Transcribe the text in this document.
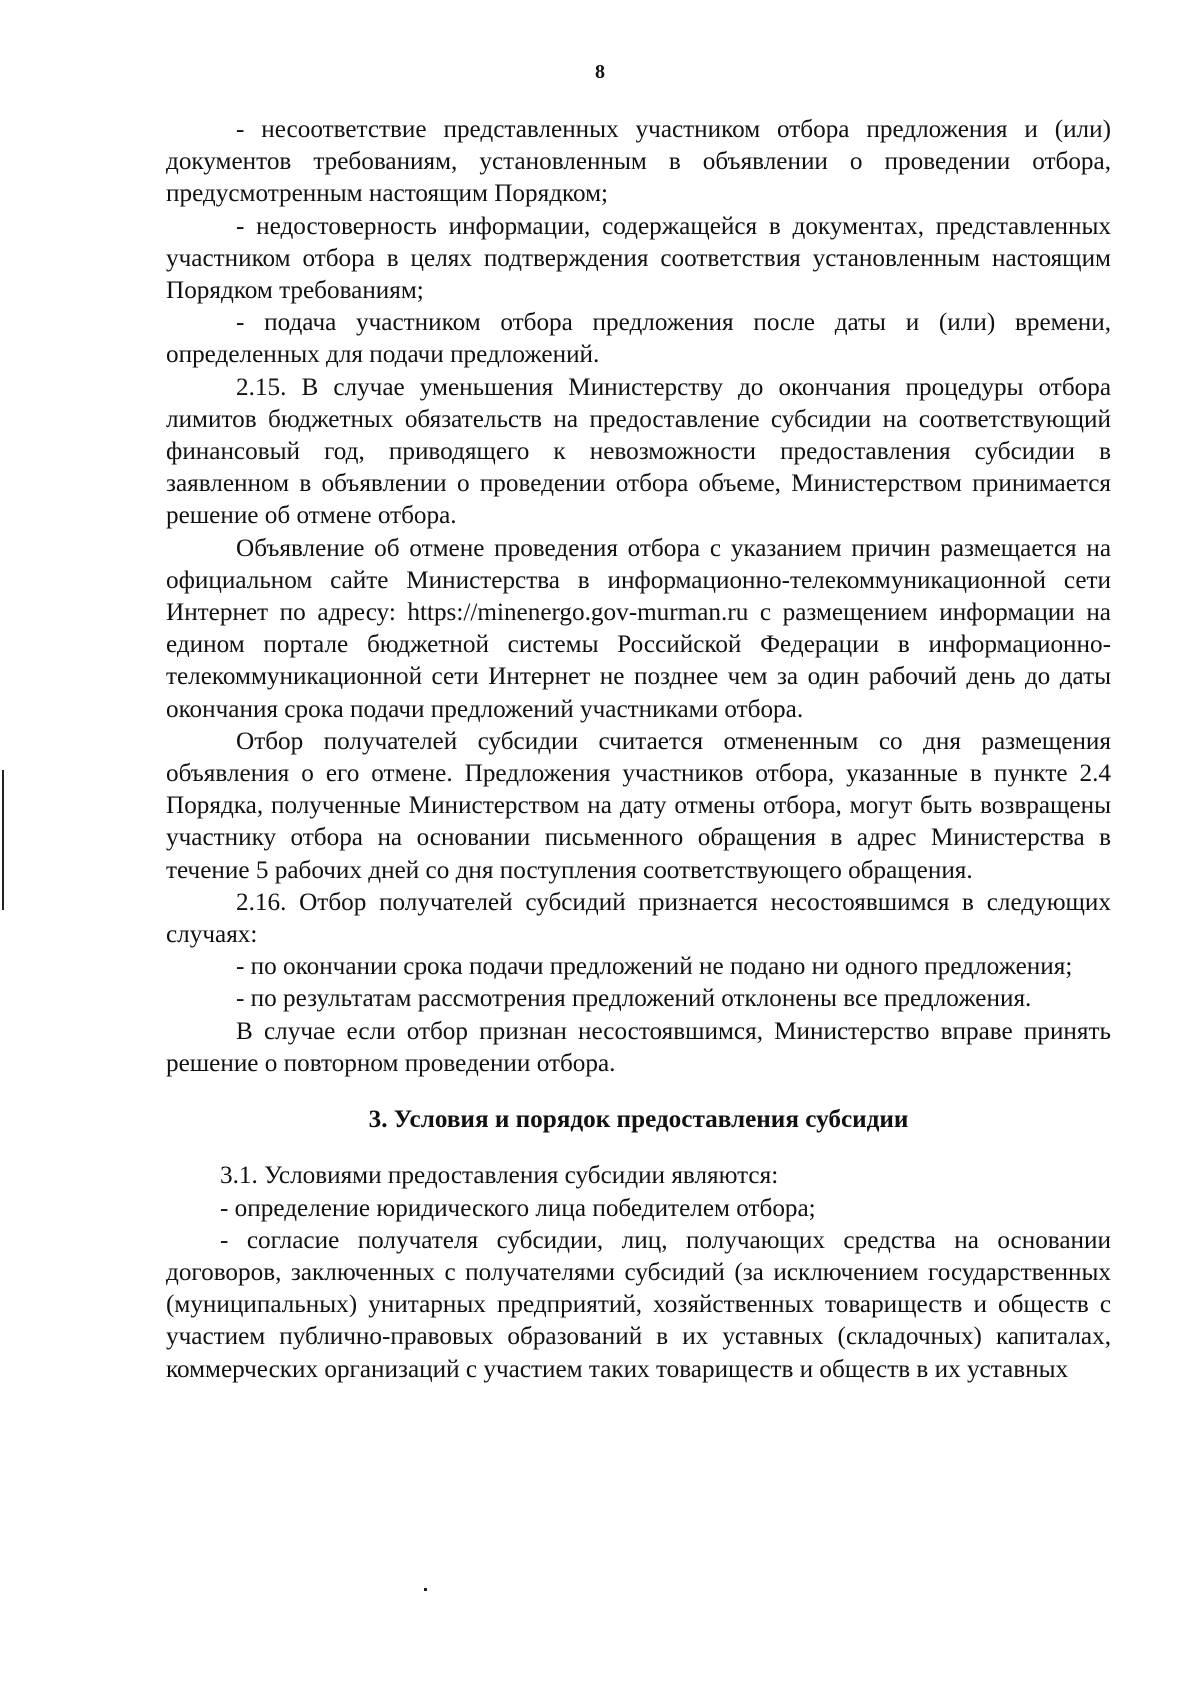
8

- несоответствие представленных участником отбора предложения и (или) документов требованиям, установленным в объявлении о проведении отбора, предусмотренным настоящим Порядком;

- недостоверность информации, содержащейся в документах, представленных участником отбора в целях подтверждения соответствия установленным настоящим Порядком требованиям;

- подача участником отбора предложения после даты и (или) времени, определенных для подачи предложений.

2.15. В случае уменьшения Министерству до окончания процедуры отбора лимитов бюджетных обязательств на предоставление субсидии на соответствующий финансовый год, приводящего к невозможности предоставления субсидии в заявленном в объявлении о проведении отбора объеме, Министерством принимается решение об отмене отбора.

Объявление об отмене проведения отбора с указанием причин размещается на официальном сайте Министерства в информационно-телекоммуникационной сети Интернет по адресу: https://minenergo.gov-murman.ru с размещением информации на едином портале бюджетной системы Российской Федерации в информационно-телекоммуникационной сети Интернет не позднее чем за один рабочий день до даты окончания срока подачи предложений участниками отбора.

Отбор получателей субсидии считается отмененным со дня размещения объявления о его отмене. Предложения участников отбора, указанные в пункте 2.4 Порядка, полученные Министерством на дату отмены отбора, могут быть возвращены участнику отбора на основании письменного обращения в адрес Министерства в течение 5 рабочих дней со дня поступления соответствующего обращения.

2.16. Отбор получателей субсидий признается несостоявшимся в следующих случаях:

- по окончании срока подачи предложений не подано ни одного предложения;

- по результатам рассмотрения предложений отклонены все предложения.

В случае если отбор признан несостоявшимся, Министерство вправе принять решение о повторном проведении отбора.

3. Условия и порядок предоставления субсидии

3.1. Условиями предоставления субсидии являются:

- определение юридического лица победителем отбора;

- согласие получателя субсидии, лиц, получающих средства на основании договоров, заключенных с получателями субсидий (за исключением государственных (муниципальных) унитарных предприятий, хозяйственных товариществ и обществ с участием публично-правовых образований в их уставных (складочных) капиталах, коммерческих организаций с участием таких товариществ и обществ в их уставных
